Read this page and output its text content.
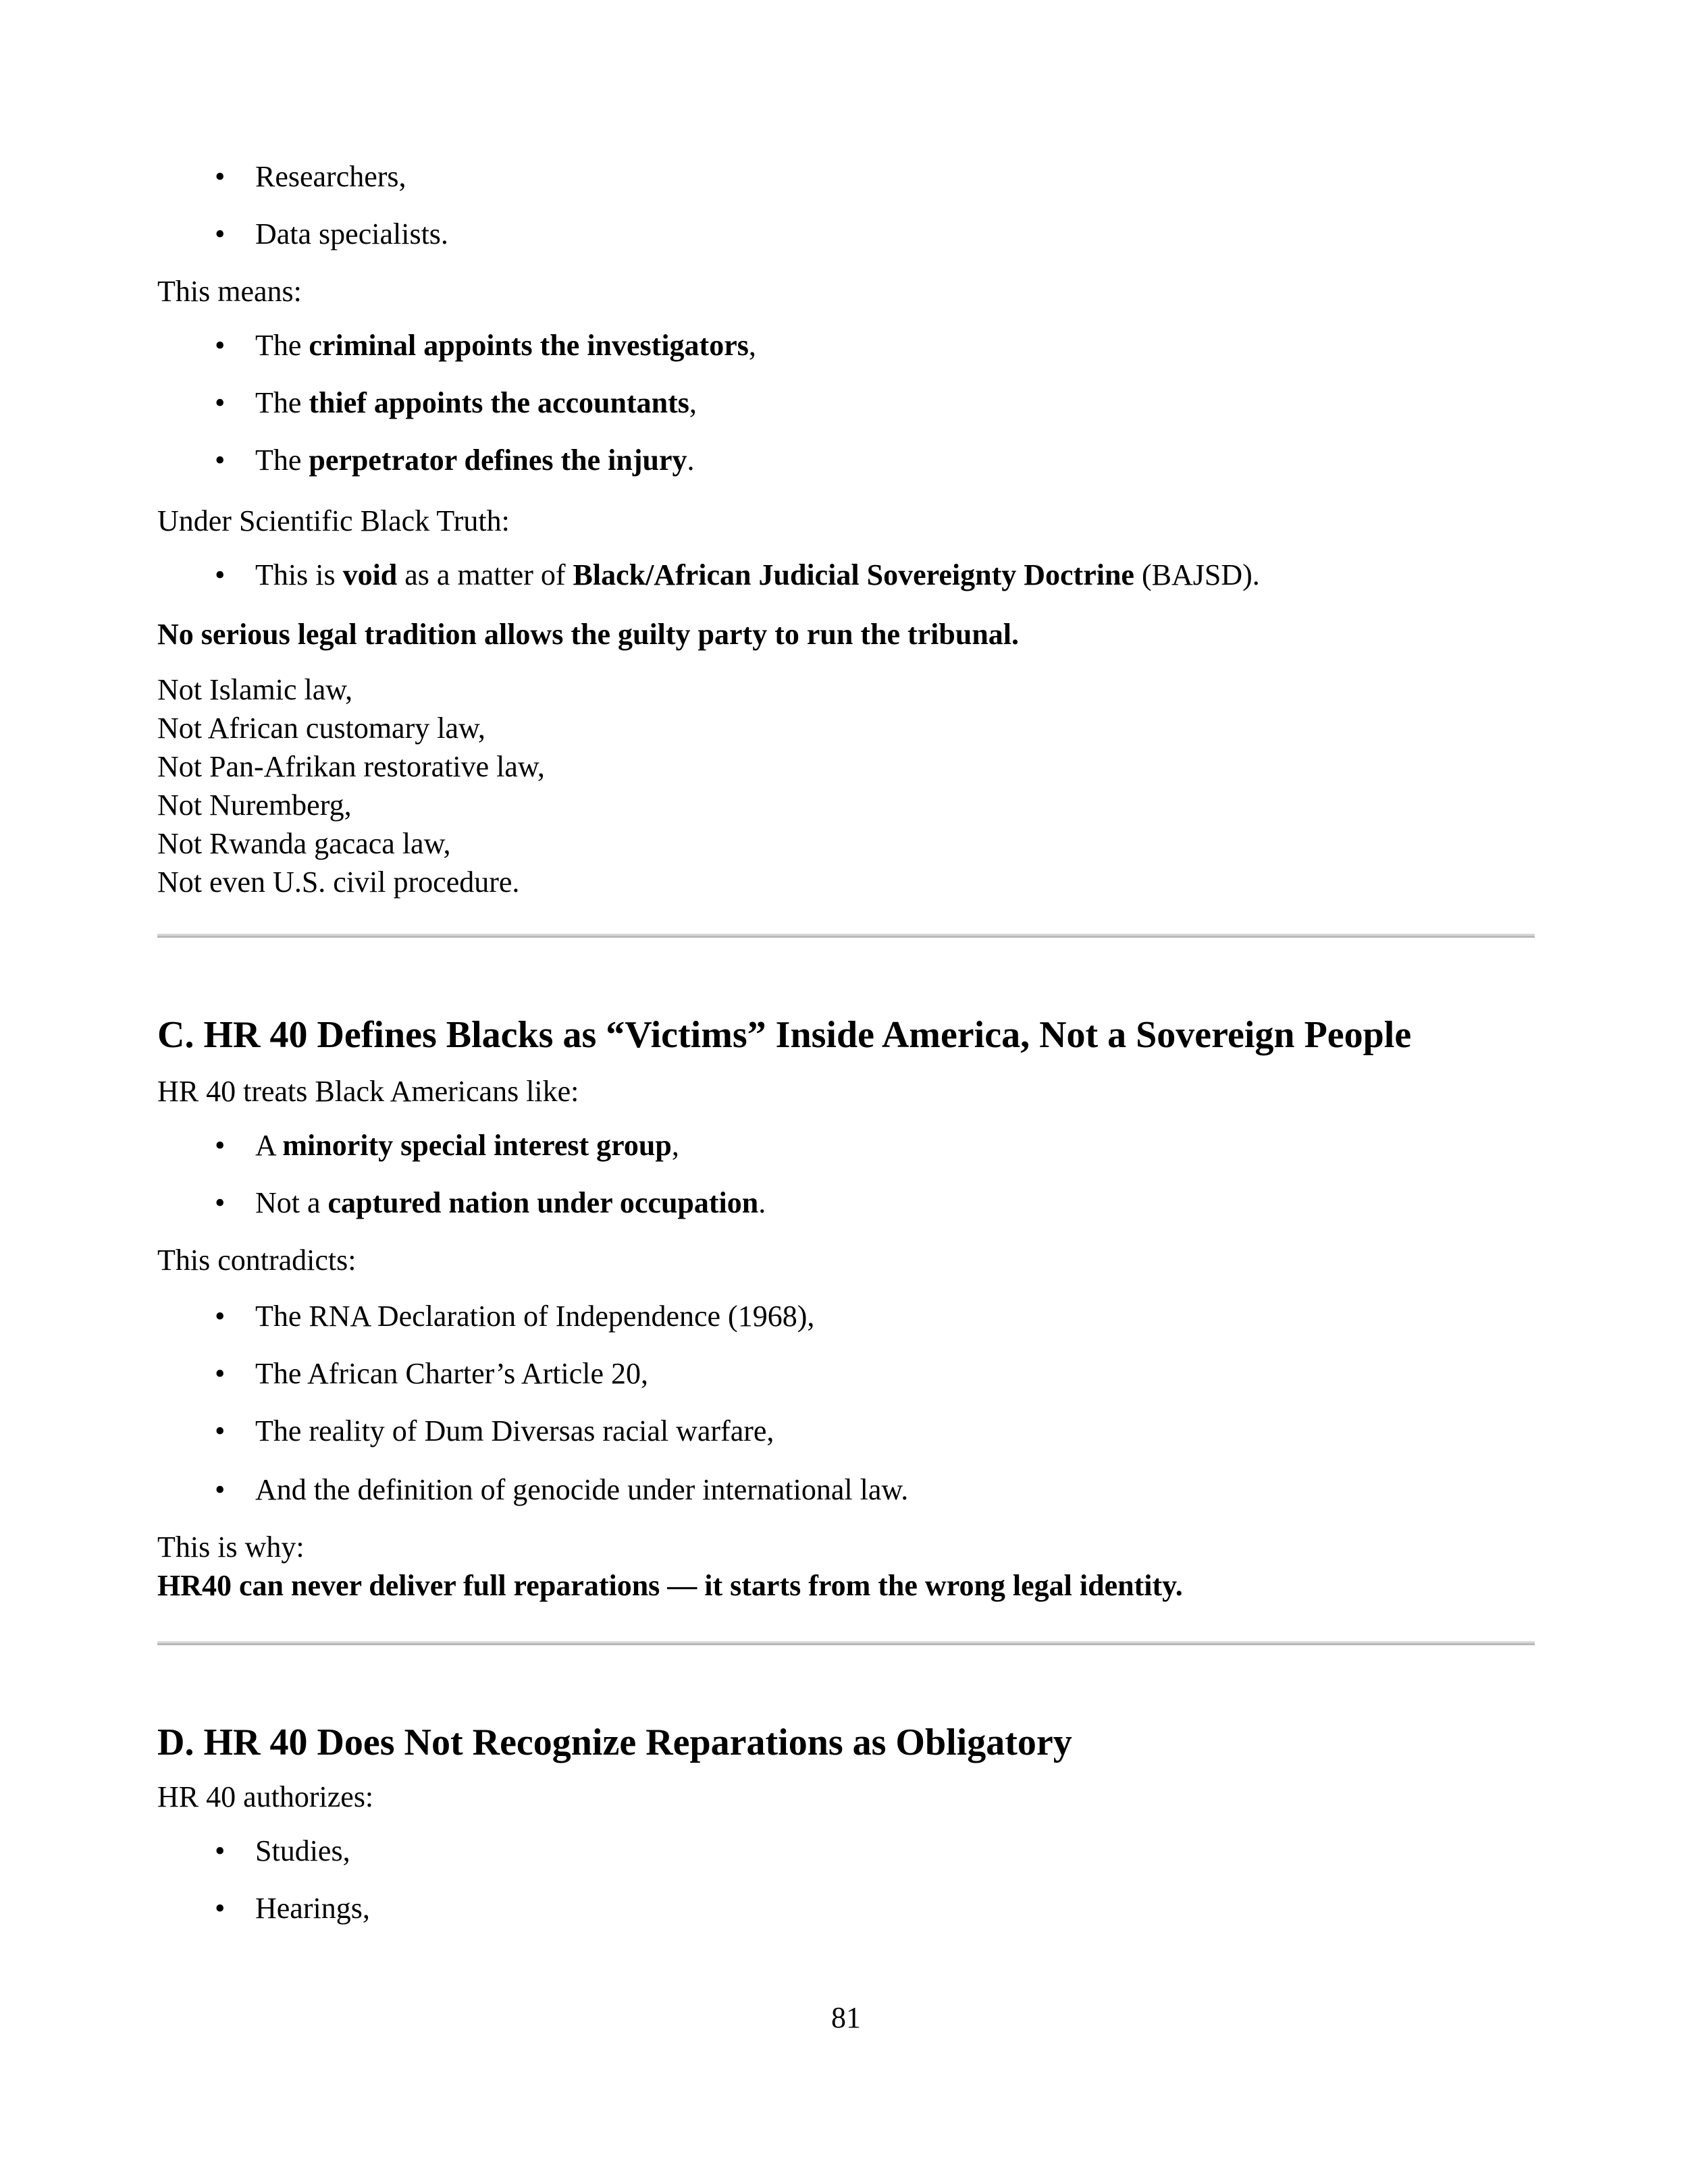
• Researchers,
• Data specialists.
This means:
• The criminal appoints the investigators,
• The thief appoints the accountants,
• The perpetrator defines the injury.
Under Scientific Black Truth:
• This is void as a matter of Black/African Judicial Sovereignty Doctrine (BAJSD).
No serious legal tradition allows the guilty party to run the tribunal.
Not Islamic law,
Not African customary law,
Not Pan-Afrikan restorative law,
Not Nuremberg,
Not Rwanda gacaca law,
Not even U.S. civil procedure.
C. HR 40 Defines Blacks as “Victims” Inside America, Not a Sovereign People
HR 40 treats Black Americans like:
• A minority special interest group,
• Not a captured nation under occupation.
This contradicts:
• The RNA Declaration of Independence (1968),
• The African Charter’s Article 20,
• The reality of Dum Diversas racial warfare,
• And the definition of genocide under international law.
This is why:
HR40 can never deliver full reparations — it starts from the wrong legal identity.
D. HR 40 Does Not Recognize Reparations as Obligatory
HR 40 authorizes:
• Studies,
• Hearings,
81
